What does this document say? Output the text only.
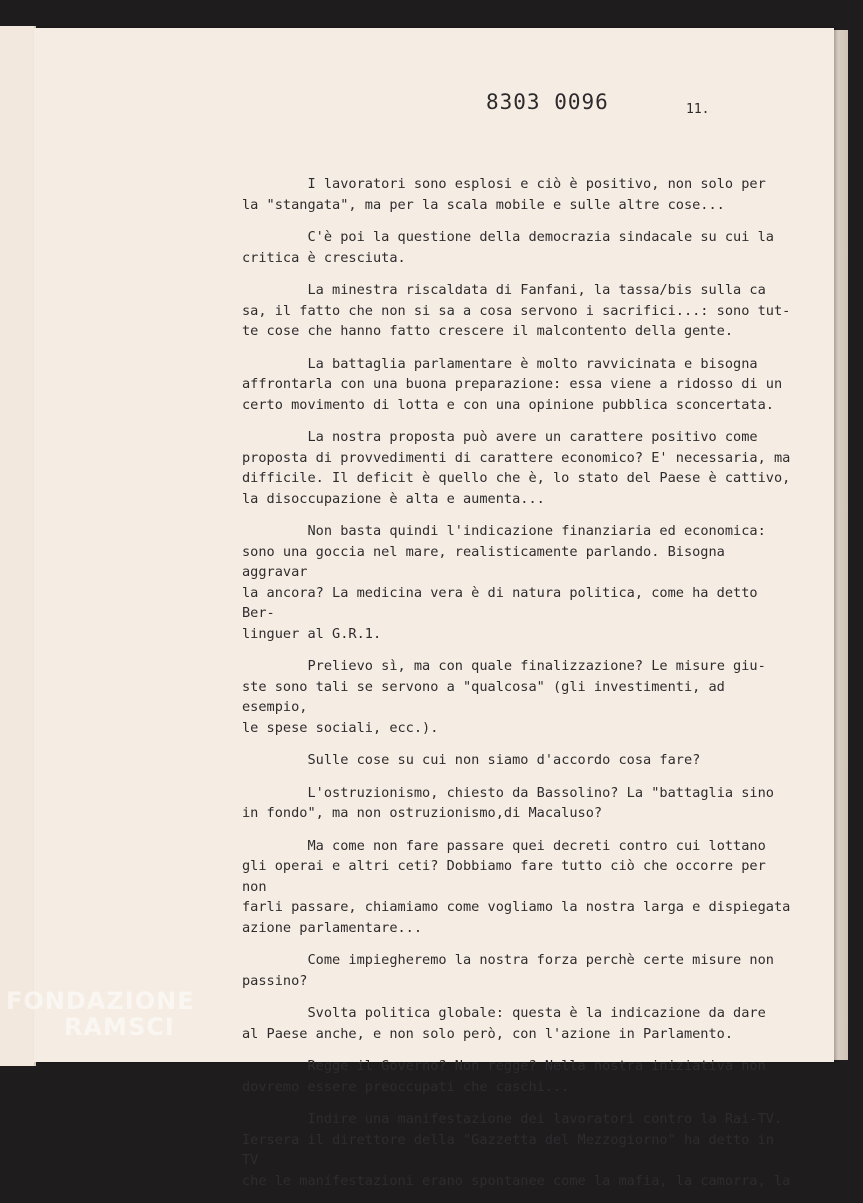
8303 0096	11.

I lavoratori sono esplosi e ciò è positivo, non solo per
la "stangata", ma per la scala mobile e sulle altre cose...

C'è poi la questione della democrazia sindacale su cui la
critica è cresciuta.

La minestra riscaldata di Fanfani, la tassa/bis sulla ca
sa, il fatto che non si sa a cosa servono i sacrifici...: sono tut-
te cose che hanno fatto crescere il malcontento della gente.

La battaglia parlamentare è molto ravvicinata e bisogna
affrontarla con una buona preparazione: essa viene a ridosso di un
certo movimento di lotta e con una opinione pubblica sconcertata.

La nostra proposta può avere un carattere positivo come
proposta di provvedimenti di carattere economico? E' necessaria, ma
difficile. Il deficit è quello che è, lo stato del Paese è cattivo,
la disoccupazione è alta e aumenta...

Non basta quindi l'indicazione finanziaria ed economica:
sono una goccia nel mare, realisticamente parlando. Bisogna aggravar
la ancora? La medicina vera è di natura politica, come ha detto Ber-
linguer al G.R.1.

Prelievo sì, ma con quale finalizzazione? Le misure giu-
ste sono tali se servono a "qualcosa" (gli investimenti, ad esempio,
le spese sociali, ecc.).

Sulle cose su cui non siamo d'accordo cosa fare?

L'ostruzionismo, chiesto da Bassolino? La "battaglia sino
in fondo", ma non ostruzionismo,di Macaluso?

Ma come non fare passare quei decreti contro cui lottano
gli operai e altri ceti? Dobbiamo fare tutto ciò che occorre per non
farli passare, chiamiamo come vogliamo la nostra larga e dispiegata
azione parlamentare...

Come impiegheremo la nostra forza perchè certe misure non
passino?

Svolta politica globale: questa è la indicazione da dare
al Paese anche, e non solo però, con l'azione in Parlamento.

Regge il Governo? Non regge? Nella nostra iniziativa non
dovremo essere preoccupati che caschi...

Indire una manifestazione dei lavoratori contro la Rai-TV.
Iersera il direttore della "Gazzetta del Mezzogiorno" ha detto in TV
che le manifestazioni erano spontanee come la mafia, la camorra, la

FONDAZIONE
RAMSCI
